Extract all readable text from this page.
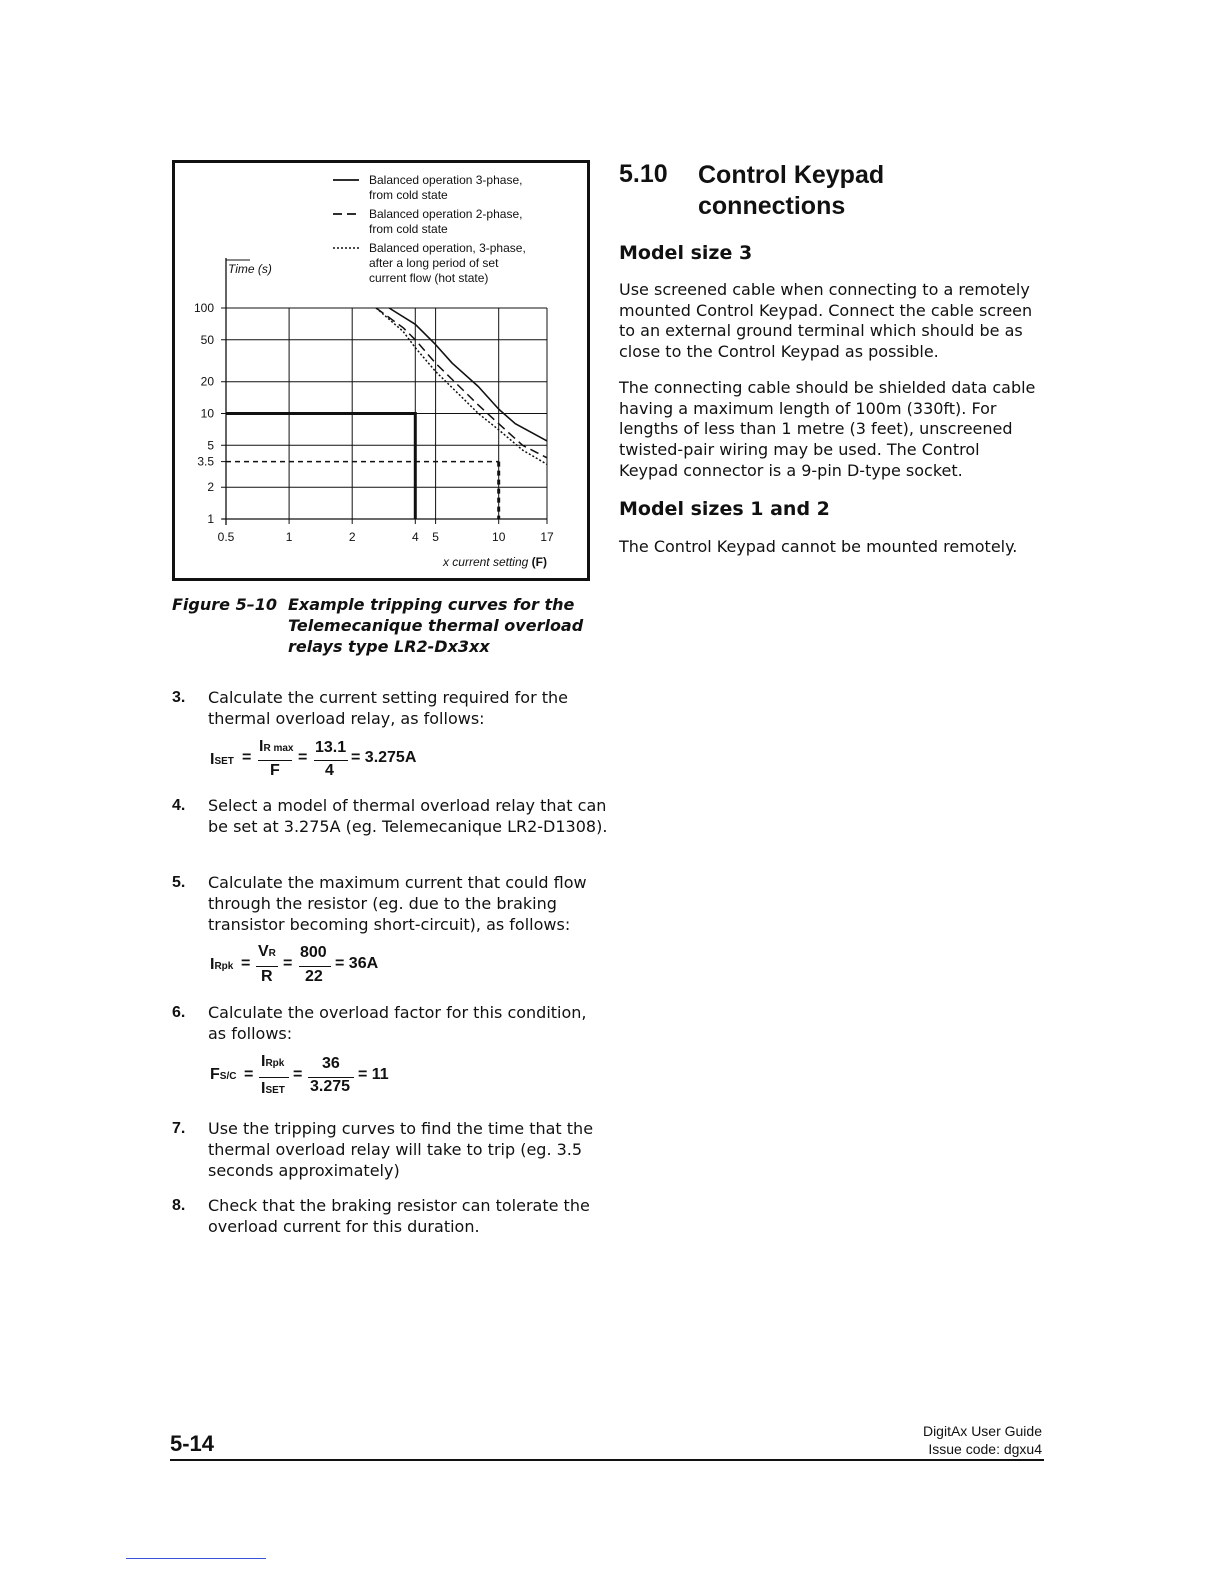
Balanced operation 3-phase,
from cold state
Balanced operation 2-phase,
from cold state
Balanced operation, 3-phase,
after a long period of set
current flow (hot state)
Time (s)
100
50
20
10
5
3.5
2
1
0.5	1	2	4 5	10	17
x current setting (F)
Figure 5–10 Example tripping curves for the Telemecanique thermal overload relays type LR2-Dx3xx
3. Calculate the current setting required for the thermal overload relay, as follows:
ISET =
IR max
F
=
13.1
4
= 3.275A
4. Select a model of thermal overload relay that can be set at 3.275A (eg. Telemecanique LR2-D1308).
5. Calculate the maximum current that could flow through the resistor (eg. due to the braking transistor becoming short-circuit), as follows:
IRpk =
VR
R
=
800
22
= 36A
6. Calculate the overload factor for this condition, as follows:
FS/C =
IRpk
ISET
=
36
3.275
= 11
7. Use the tripping curves to find the time that the thermal overload relay will take to trip (eg. 3.5 seconds approximately)
8. Check that the braking resistor can tolerate the overload current for this duration.
5.10 Control Keypad connections
Model size 3
Use screened cable when connecting to a remotely mounted Control Keypad. Connect the cable screen to an external ground terminal which should be as close to the Control Keypad as possible.
The connecting cable should be shielded data cable having a maximum length of 100m (330ft). For lengths of less than 1 metre (3 feet), unscreened twisted-pair wiring may be used. The Control Keypad connector is a 9-pin D-type socket.
Model sizes 1 and 2
The Control Keypad cannot be mounted remotely.
5-14	DigitAx User Guide
Issue code: dgxu4
